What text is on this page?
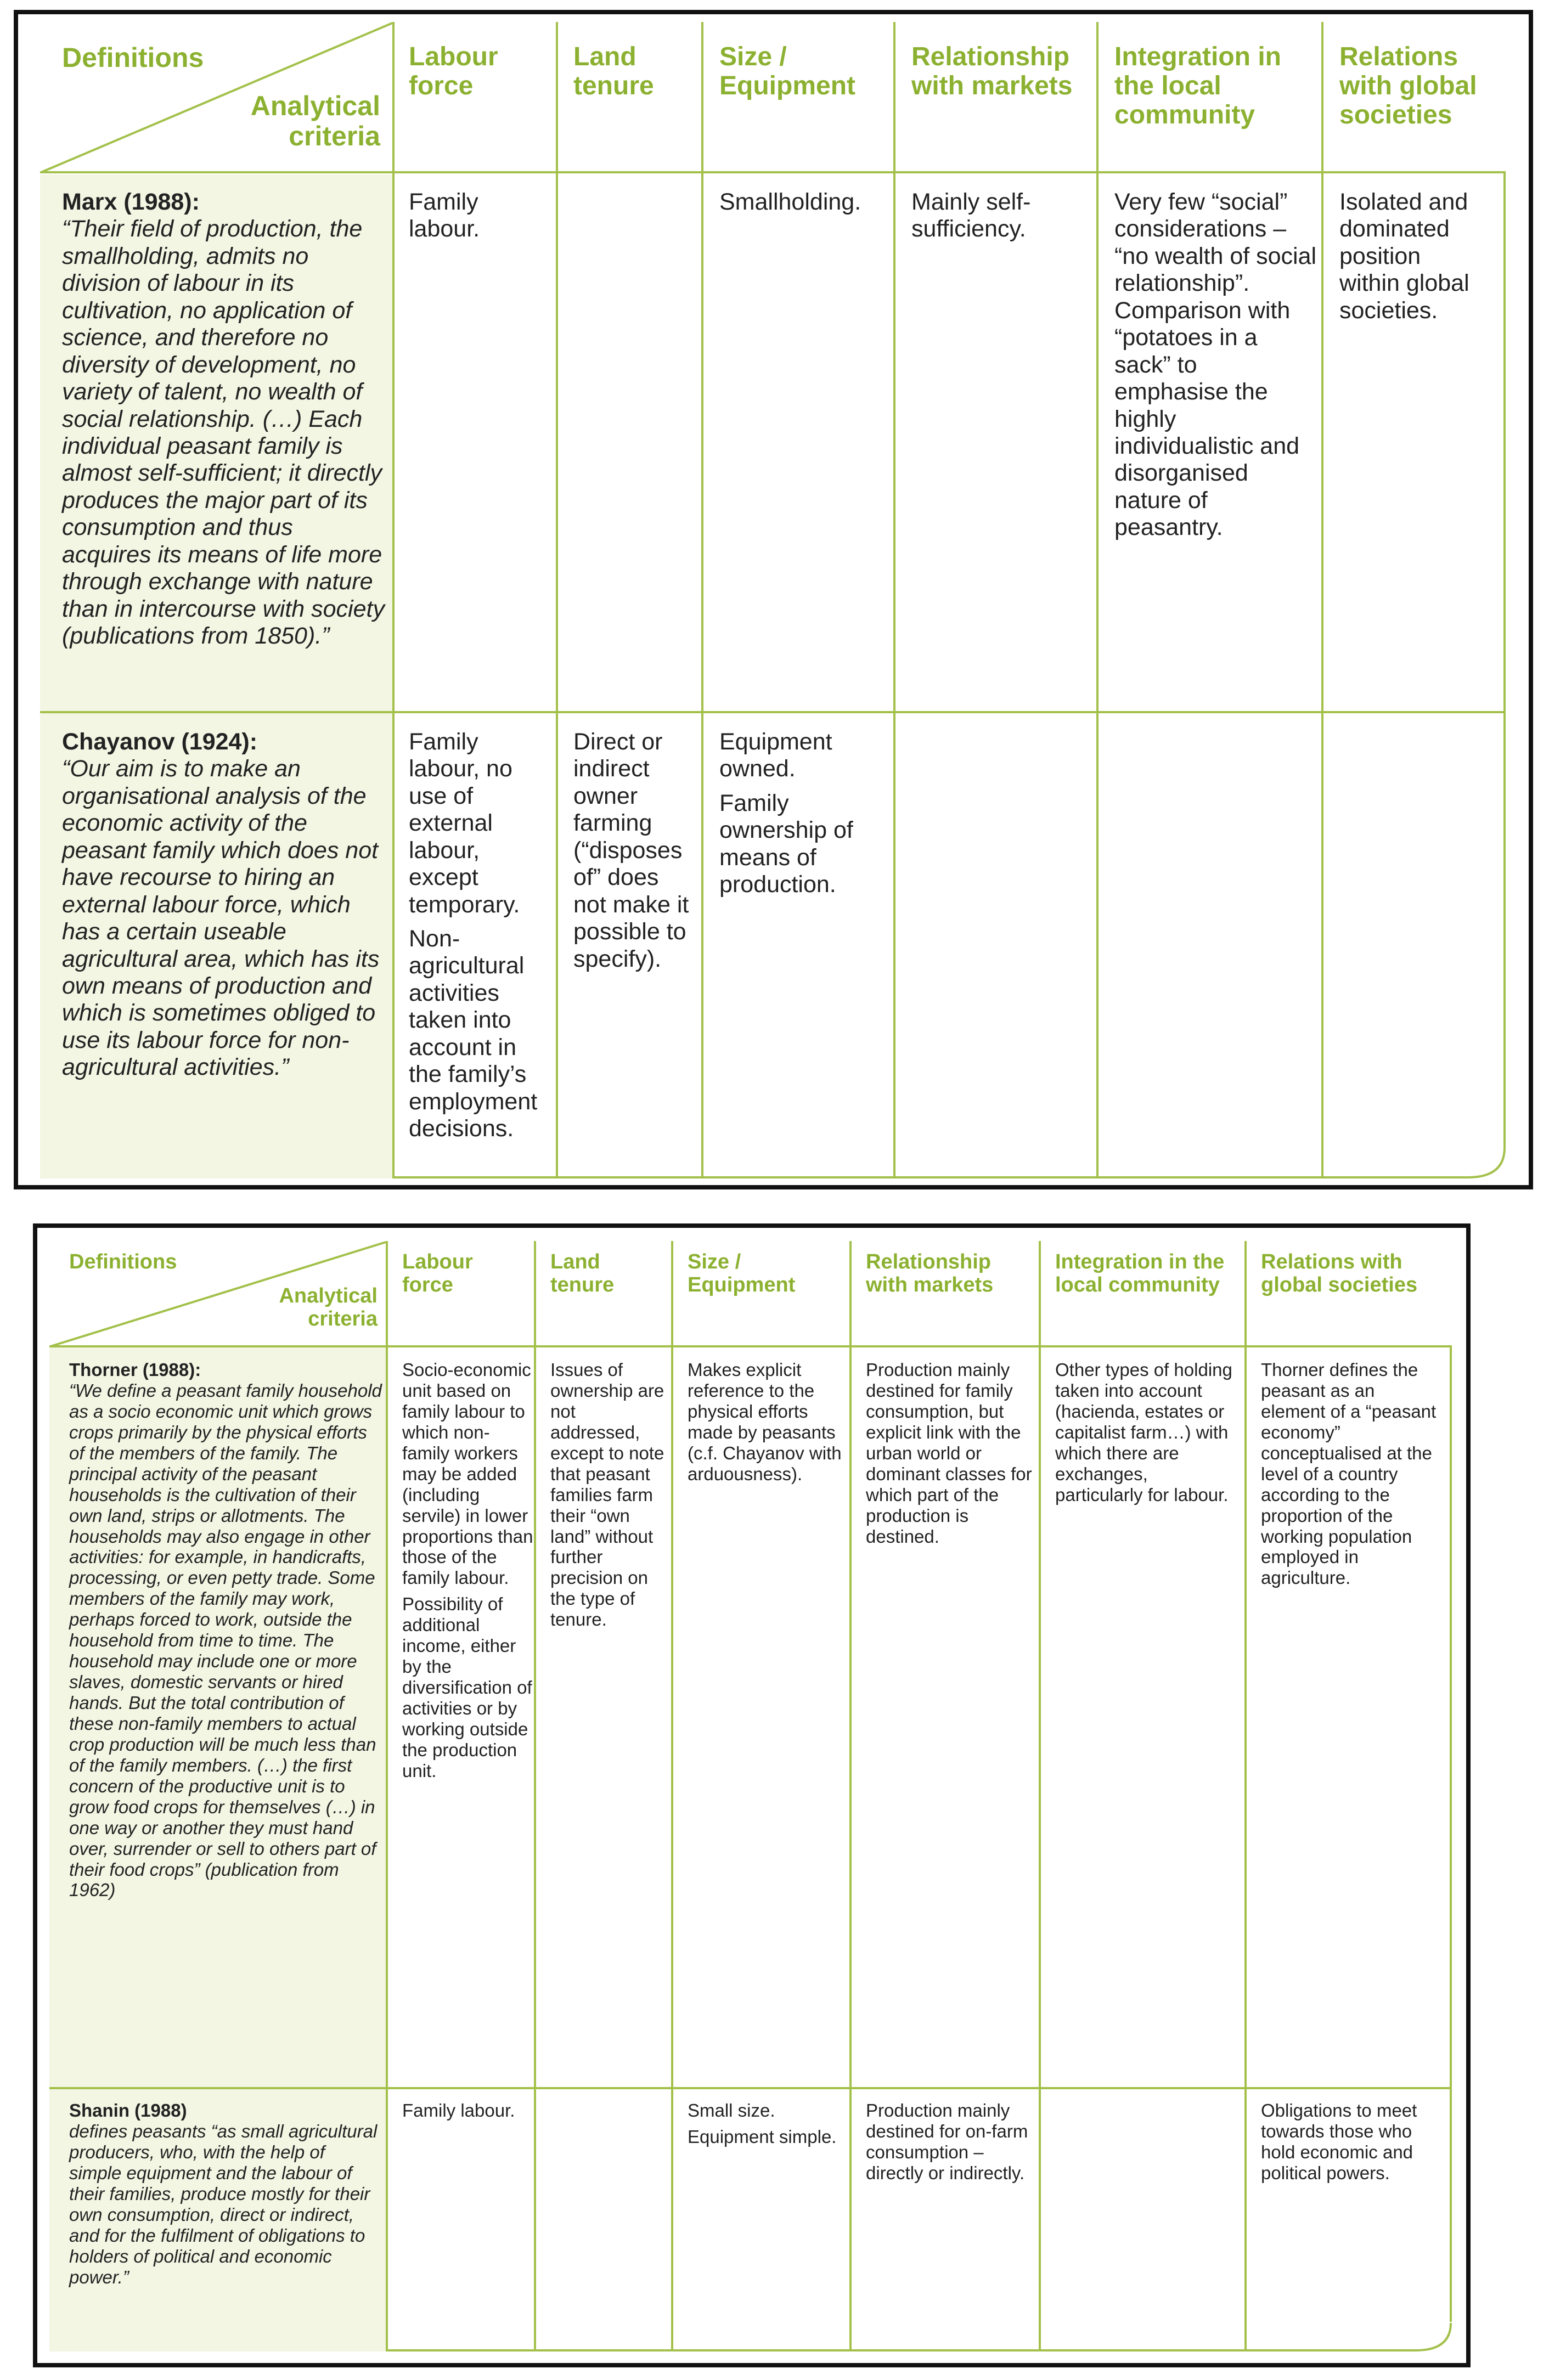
Definitions
Analytical criteria
Labour force
Land tenure
Size / Equipment
Relationship with markets
Integration in the local community
Relations with global societies
Marx (1988):
“Their field of production, the smallholding, admits no division of labour in its cultivation, no application of science, and therefore no diversity of development, no variety of talent, no wealth of social relationship. (…) Each individual peasant family is almost self-sufficient; it directly produces the major part of its consumption and thus acquires its means of life more through exchange with nature than in intercourse with society (publications from 1850).”
Family labour.

Smallholding.	Mainly self-sufficiency.
Very few “social” considerations – “no wealth of social relationship”. Comparison with “potatoes in a sack” to emphasise the highly individualistic and disorganised nature of peasantry.
Isolated and dominated position within global societies.
Chayanov (1924):
“Our aim is to make an organisational analysis of the economic activity of the peasant family which does not have recourse to hiring an external labour force, which has a certain useable agricultural area, which has its own means of production and which is sometimes obliged to use its labour force for non-agricultural activities.”

Family labour, no use of external labour, except temporary.

Non-agricultural activities taken into account in the family’s employment decisions.

Direct or indirect owner farming (“disposes of” does not make it possible to specify).

Equipment owned.

Family ownership of means of production.

Definitions
Analytical criteria
Labour force
Land tenure
Size / Equipment
Relationship with markets
Integration in the local community
Relations with global societies
Thorner (1988):
“We define a peasant family household as a socio economic unit which grows crops primarily by the physical efforts of the members of the family. The principal activity of the peasant households is the cultivation of their own land, strips or allotments. The households may also engage in other activities: for example, in handicrafts, processing, or even petty trade. Some members of the family may work, perhaps forced to work, outside the household from time to time. The household may include one or more slaves, domestic servants or hired hands. But the total contribution of these non-family members to actual crop production will be much less than of the family members. (…) the first concern of the productive unit is to grow food crops for themselves (…) in one way or another they must hand over, surrender or sell to others part of their food crops” (publication from 1962)

Socio-economic unit based on family labour to which non-family workers may be added (including servile) in lower proportions than those of the family labour.

Possibility of additional income, either by the diversification of activities or by working outside the production unit.

Issues of ownership are not addressed, except to note that peasant families farm their “own land” without further precision on the type of tenure.

Makes explicit reference to the physical efforts made by peasants (c.f. Chayanov with arduousness).

Production mainly destined for family consumption, but explicit link with the urban world or dominant classes for which part of the production is destined.
Other types of holding taken into account (hacienda, estates or capitalist farm…) with which there are exchanges, particularly for labour.
Thorner defines the peasant as an element of a “peasant economy” conceptualised at the level of a country according to the proportion of the working population employed in agriculture.
Shanin (1988)
defines peasants “as small agricultural producers, who, with the help of simple equipment and the labour of their families, produce mostly for their own consumption, direct or indirect, and for the fulfilment of obligations to holders of political and economic power.”

Family labour.	Small size.

Equipment simple.

Production mainly destined for on-farm consumption – directly or indirectly.
Obligations to meet towards those who hold economic and political powers.
